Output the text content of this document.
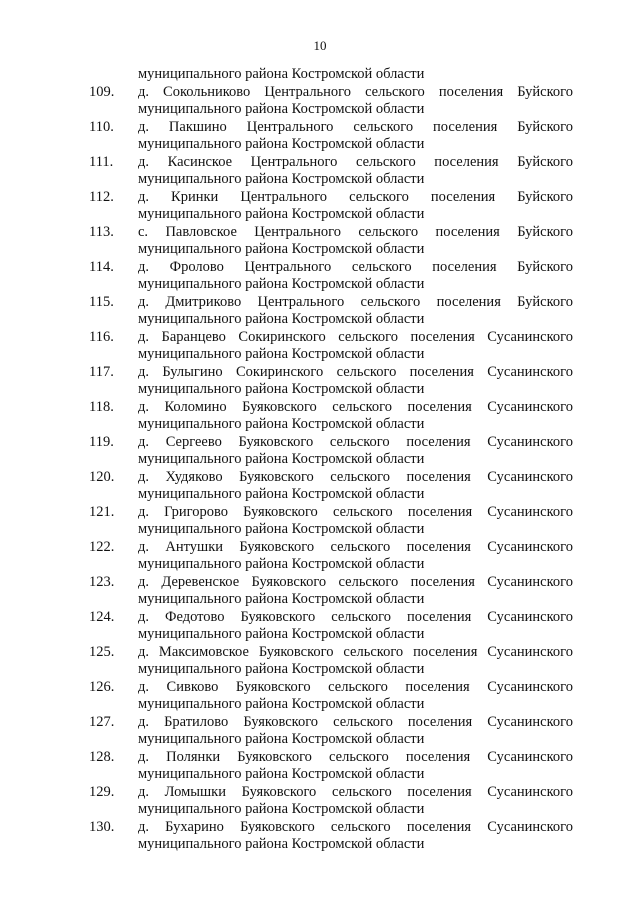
10
муниципального района Костромской области
109. д. Сокольниково Центрального сельского поселения Буйского
муниципального района Костромской области
110. д. Пакшино Центрального сельского поселения Буйского
муниципального района Костромской области
111. д. Касинское Центрального сельского поселения Буйского
муниципального района Костромской области
112. д. Кринки Центрального сельского поселения Буйского
муниципального района Костромской области
113. с. Павловское Центрального сельского поселения Буйского
муниципального района Костромской области
114. д. Фролово Центрального сельского поселения Буйского
муниципального района Костромской области
115. д. Дмитриково Центрального сельского поселения Буйского
муниципального района Костромской области
116. д. Баранцево Сокиринского сельского поселения Сусанинского
муниципального района Костромской области
117. д. Булыгино Сокиринского сельского поселения Сусанинского
муниципального района Костромской области
118. д. Коломино Буяковского сельского поселения Сусанинского
муниципального района Костромской области
119. д. Сергеево Буяковского сельского поселения Сусанинского
муниципального района Костромской области
120. д. Худяково Буяковского сельского поселения Сусанинского
муниципального района Костромской области
121. д. Григорово Буяковского сельского поселения Сусанинского
муниципального района Костромской области
122. д. Антушки Буяковского сельского поселения Сусанинского
муниципального района Костромской области
123. д. Деревенское Буяковского сельского поселения Сусанинского
муниципального района Костромской области
124. д. Федотово Буяковского сельского поселения Сусанинского
муниципального района Костромской области
125. д. Максимовское Буяковского сельского поселения Сусанинского
муниципального района Костромской области
126. д. Сивково Буяковского сельского поселения Сусанинского
муниципального района Костромской области
127. д. Братилово Буяковского сельского поселения Сусанинского
муниципального района Костромской области
128. д. Полянки Буяковского сельского поселения Сусанинского
муниципального района Костромской области
129. д. Ломышки Буяковского сельского поселения Сусанинского
муниципального района Костромской области
130. д. Бухарино Буяковского сельского поселения Сусанинского
муниципального района Костромской области
